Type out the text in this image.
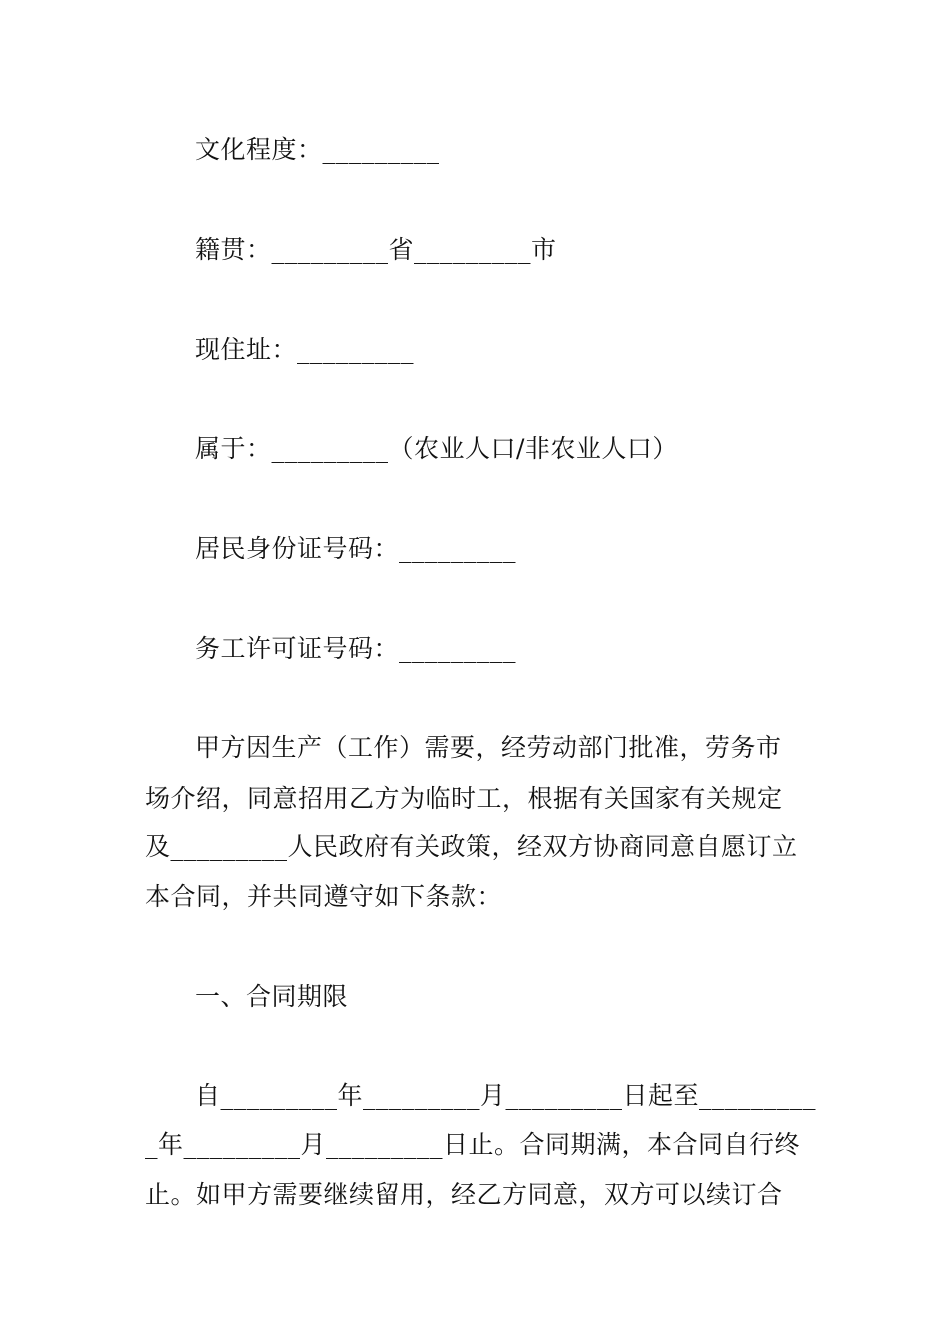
文化程度：_________
籍贯：_________省_________市
现住址：_________
属于：_________（农业人口/非农业人口）
居民身份证号码：_________
务工许可证号码：_________
甲方因生产（工作）需要，经劳动部门批准，劳务市
场介绍，同意招用乙方为临时工，根据有关国家有关规定
及_________人民政府有关政策，经双方协商同意自愿订立
本合同，并共同遵守如下条款：
一、合同期限
自_________年_________月_________日起至_________
_年_________月_________日止。合同期满，本合同自行终
止。如甲方需要继续留用，经乙方同意，双方可以续订合
